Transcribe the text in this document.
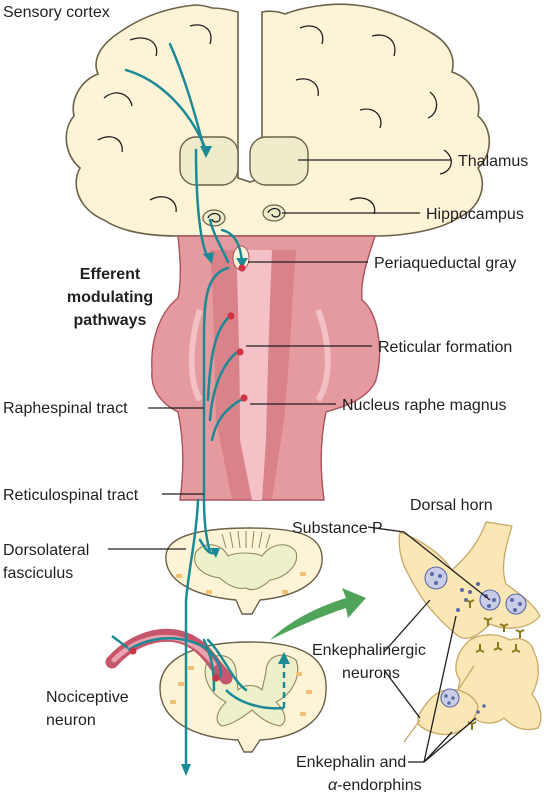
Sensory cortex
Thalamus
Hippocampus
Periaqueductal gray
Efferent
modulating
pathways
Reticular formation
Raphespinal tract	Nucleus raphe magnus
Reticulospinal tract
Dorsal horn
Substance P
Dorsolateral
fasciculus
Enkephalinergic
neurons
Nociceptive
neuron
Enkephalin and
α-endorphins
